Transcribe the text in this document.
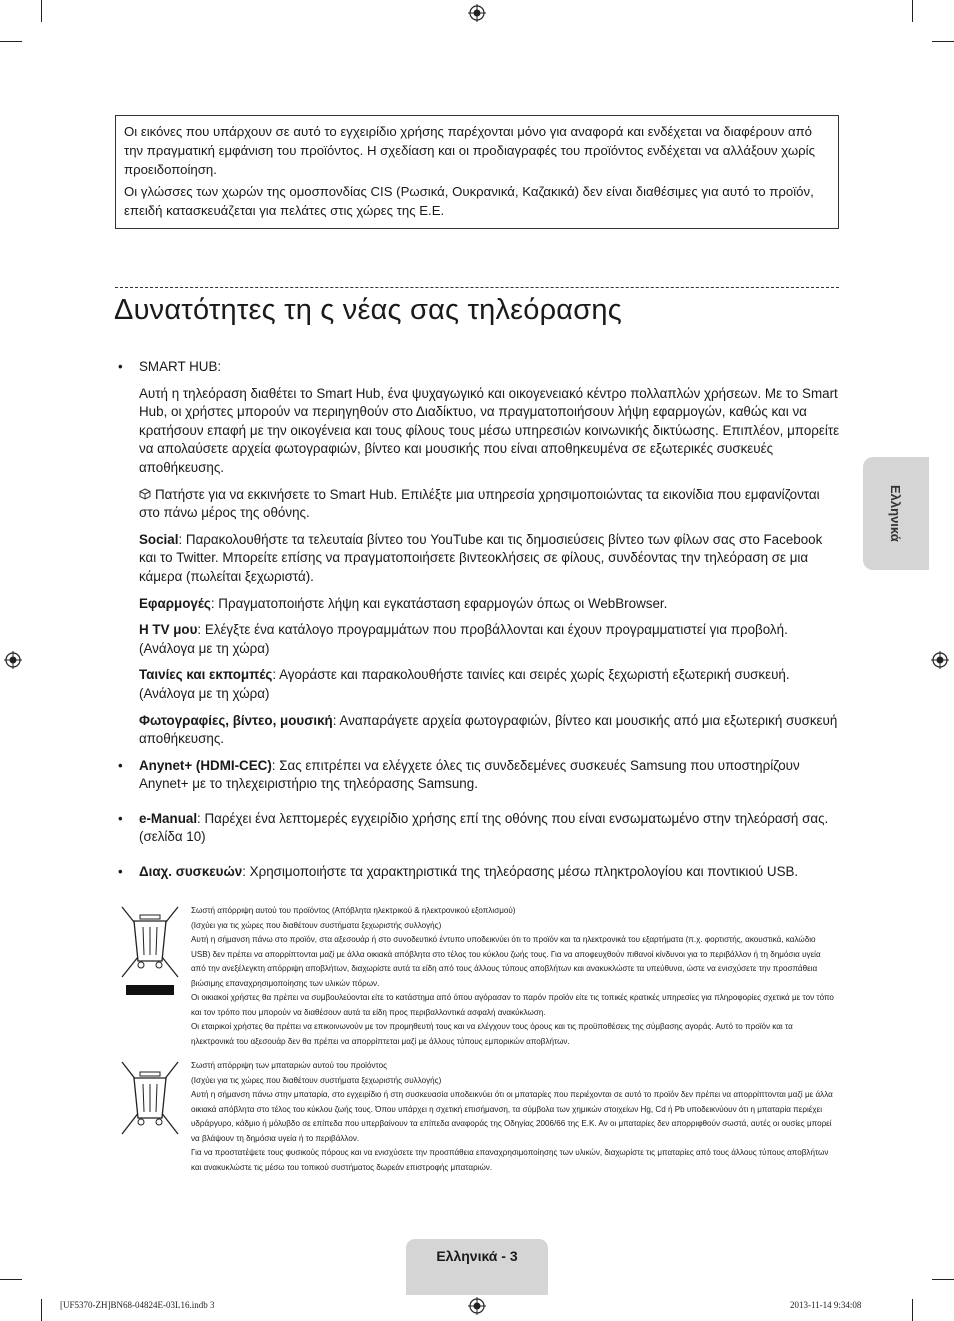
Οι εικόνες που υπάρχουν σε αυτό το εγχειρίδιο χρήσης παρέχονται μόνο για αναφορά και ενδέχεται να διαφέρουν από την πραγματική εμφάνιση του προϊόντος. Η σχεδίαση και οι προδιαγραφές του προϊόντος ενδέχεται να αλλάξουν χωρίς προειδοποίηση.

Οι γλώσσες των χωρών της ομοσπονδίας CIS (Ρωσικά, Ουκρανικά, Καζακικά) δεν είναι διαθέσιμες για αυτό το προϊόν, επειδή κατασκευάζεται για πελάτες στις χώρες της Ε.Ε.

Δυνατότητες τη ς νέας σας τηλεόρασης
• SMART HUB:
Αυτή η τηλεόραση διαθέτει το Smart Hub, ένα ψυχαγωγικό και οικογενειακό κέντρο πολλαπλών χρήσεων. Με το Smart Hub, οι χρήστες μπορούν να περιηγηθούν στο Διαδίκτυο, να πραγματοποιήσουν λήψη εφαρμογών, καθώς και να κρατήσουν επαφή με την οικογένεια και τους φίλους τους μέσω υπηρεσιών κοινωνικής δικτύωσης. Επιπλέον, μπορείτε να απολαύσετε αρχεία φωτογραφιών, βίντεο και μουσικής που είναι αποθηκευμένα σε εξωτερικές συσκευές αποθήκευσης.
Πατήστε για να εκκινήσετε το Smart Hub. Επιλέξτε μια υπηρεσία χρησιμοποιώντας τα εικονίδια που εμφανίζονται στο πάνω μέρος της οθόνης.
Social: Παρακολουθήστε τα τελευταία βίντεο του YouTube και τις δημοσιεύσεις βίντεο των φίλων σας στο Facebook και το Twitter. Μπορείτε επίσης να πραγματοποιήσετε βιντεοκλήσεις σε φίλους, συνδέοντας την τηλεόραση σε μια κάμερα (πωλείται ξεχωριστά).
Εφαρμογές: Πραγματοποιήστε λήψη και εγκατάσταση εφαρμογών όπως οι WebBrowser.
Η TV μου: Ελέγξτε ένα κατάλογο προγραμμάτων που προβάλλονται και έχουν προγραμματιστεί για προβολή. (Ανάλογα με τη χώρα)
Ταινίες και εκπομπές: Αγοράστε και παρακολουθήστε ταινίες και σειρές χωρίς ξεχωριστή εξωτερική συσκευή. (Ανάλογα με τη χώρα)
Φωτογραφίες, βίντεο, μουσική: Αναπαράγετε αρχεία φωτογραφιών, βίντεο και μουσικής από μια εξωτερική συσκευή αποθήκευσης.
• Anynet+ (HDMI-CEC): Σας επιτρέπει να ελέγχετε όλες τις συνδεδεμένες συσκευές Samsung που υποστηρίζουν Anynet+ με το τηλεχειριστήριο της τηλεόρασης Samsung.
• e-Manual: Παρέχει ένα λεπτομερές εγχειρίδιο χρήσης επί της οθόνης που είναι ενσωματωμένο στην τηλεόρασή σας. (σελίδα 10)
• Διαχ. συσκευών: Χρησιμοποιήστε τα χαρακτηριστικά της τηλεόρασης μέσω πληκτρολογίου και ποντικιού USB.
Σωστή απόρριψη αυτού του προϊόντος (Απόβλητα ηλεκτρικού & ηλεκτρονικού εξοπλισμού)
(Ισχύει για τις χώρες που διαθέτουν συστήματα ξεχωριστής συλλογής)
Αυτή η σήμανση πάνω στο προϊόν, στα αξεσουάρ ή στο συνοδευτικό έντυπο υποδεικνύει ότι το προϊόν και τα ηλεκτρονικά του εξαρτήματα (π.χ. φορτιστής, ακουστικά, καλώδιο USB) δεν πρέπει να απορρίπτονται μαζί με άλλα οικιακά απόβλητα στο τέλος του κύκλου ζωής τους. Για να αποφευχθούν πιθανοί κίνδυνοι για το περιβάλλον ή τη δημόσια υγεία από την ανεξέλεγκτη απόρριψη αποβλήτων, διαχωρίστε αυτά τα είδη από τους άλλους τύπους αποβλήτων και ανακυκλώστε τα υπεύθυνα, ώστε να ενισχύσετε την προσπάθεια βιώσιμης επαναχρησιμοποίησης των υλικών πόρων.
Οι οικιακοί χρήστες θα πρέπει να συμβουλεύονται είτε το κατάστημα από όπου αγόρασαν το παρόν προϊόν είτε τις τοπικές κρατικές υπηρεσίες για πληροφορίες σχετικά με τον τόπο και τον τρόπο που μπορούν να διαθέσουν αυτά τα είδη προς περιβαλλοντικά ασφαλή ανακύκλωση.
Οι εταιρικοί χρήστες θα πρέπει να επικοινωνούν με τον προμηθευτή τους και να ελέγχουν τους όρους και τις προϋποθέσεις της σύμβασης αγοράς. Αυτό το προϊόν και τα ηλεκτρονικά του αξεσουάρ δεν θα πρέπει να απορρίπτεται μαζί με άλλους τύπους εμπορικών αποβλήτων.
Σωστή απόρριψη των μπαταριών αυτού του προϊόντος
(Ισχύει για τις χώρες που διαθέτουν συστήματα ξεχωριστής συλλογής)
Αυτή η σήμανση πάνω στην μπαταρία, στο εγχειρίδιο ή στη συσκευασία υποδεικνύει ότι οι μπαταρίες που περιέχονται σε αυτό το προϊόν δεν πρέπει να απορρίπτονται μαζί με άλλα οικιακά απόβλητα στο τέλος του κύκλου ζωής τους. Όπου υπάρχει η σχετική επισήμανση, τα σύμβολα των χημικών στοιχείων Hg, Cd ή Pb υποδεικνύουν ότι η μπαταρία περιέχει υδράργυρο, κάδμιο ή μόλυβδο σε επίπεδα που υπερβαίνουν τα επίπεδα αναφοράς της Οδηγίας 2006/66 της Ε.Κ. Αν οι μπαταρίες δεν απορριφθούν σωστά, αυτές οι ουσίες μπορεί να βλάψουν τη δημόσια υγεία ή το περιβάλλον.
Για να προστατέψετε τους φυσικούς πόρους και να ενισχύσετε την προσπάθεια επαναχρησιμοποίησης των υλικών, διαχωρίστε τις μπαταρίες από τους άλλους τύπους αποβλήτων και ανακυκλώστε τις μέσω του τοπικού συστήματος δωρεάν επιστροφής μπαταριών.
Ελληνικά
Ελληνικά - 3
[UF5370-ZH]BN68-04824E-03L16.indb 3	2013-11-14 9:34:08
